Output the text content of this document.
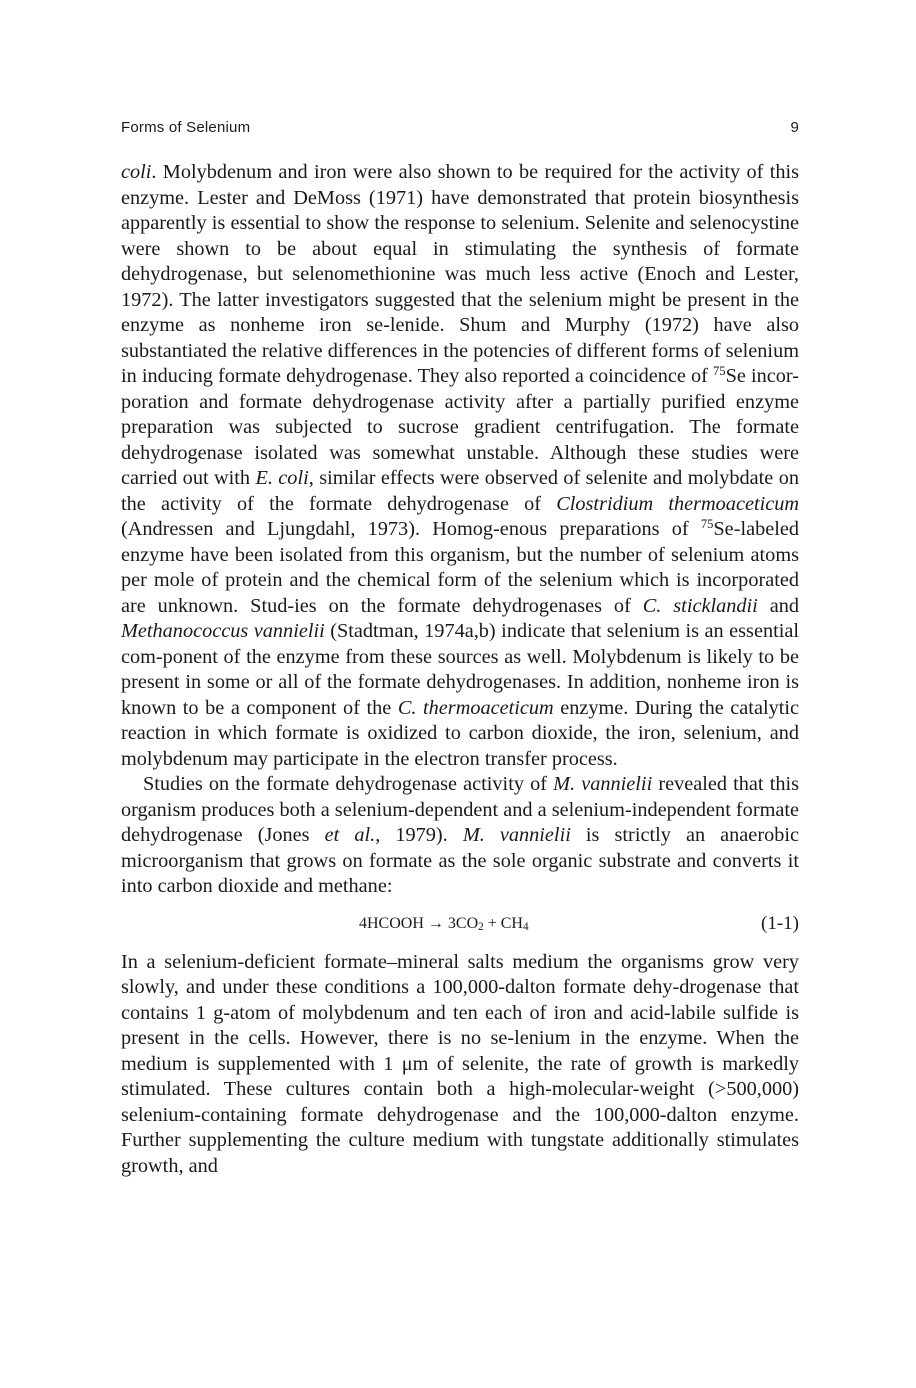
Forms of Selenium	9

coli. Molybdenum and iron were also shown to be required for the activity of this enzyme. Lester and DeMoss (1971) have demonstrated that protein biosynthesis apparently is essential to show the response to selenium. Selenite and selenocystine were shown to be about equal in stimulating the synthesis of formate dehydrogenase, but selenomethionine was much less active (Enoch and Lester, 1972). The latter investigators suggested that the selenium might be present in the enzyme as nonheme iron se-lenide. Shum and Murphy (1972) have also substantiated the relative differences in the potencies of different forms of selenium in inducing formate dehydrogenase. They also reported a coincidence of $^{75}$Se incor-poration and formate dehydrogenase activity after a partially purified enzyme preparation was subjected to sucrose gradient centrifugation. The formate dehydrogenase isolated was somewhat unstable. Although these studies were carried out with E. coli, similar effects were observed of selenite and molybdate on the activity of the formate dehydrogenase of Clostridium thermoaceticum (Andressen and Ljungdahl, 1973). Homog-enous preparations of $^{75}$Se-labeled enzyme have been isolated from this organism, but the number of selenium atoms per mole of protein and the chemical form of the selenium which is incorporated are unknown. Stud-ies on the formate dehydrogenases of C. sticklandii and Methanococcus vannielii (Stadtman, 1974a,b) indicate that selenium is an essential com-ponent of the enzyme from these sources as well. Molybdenum is likely to be present in some or all of the formate dehydrogenases. In addition, nonheme iron is known to be a component of the C. thermoaceticum enzyme. During the catalytic reaction in which formate is oxidized to carbon dioxide, the iron, selenium, and molybdenum may participate in the electron transfer process.

Studies on the formate dehydrogenase activity of M. vannielii revealed that this organism produces both a selenium-dependent and a selenium-independent formate dehydrogenase (Jones et al., 1979). M. vannielii is strictly an anaerobic microorganism that grows on formate as the sole organic substrate and converts it into carbon dioxide and methane:

4HCOOH → $3CO_2 + CH_4$	(1-1)

In a selenium-deficient formate–mineral salts medium the organisms grow very slowly, and under these conditions a 100,000-dalton formate dehy-drogenase that contains 1 g-atom of molybdenum and ten each of iron and acid-labile sulfide is present in the cells. However, there is no se-lenium in the enzyme. When the medium is supplemented with 1 μm of selenite, the rate of growth is markedly stimulated. These cultures contain both a high-molecular-weight (>500,000) selenium-containing formate dehydrogenase and the 100,000-dalton enzyme. Further supplementing the culture medium with tungstate additionally stimulates growth, and
